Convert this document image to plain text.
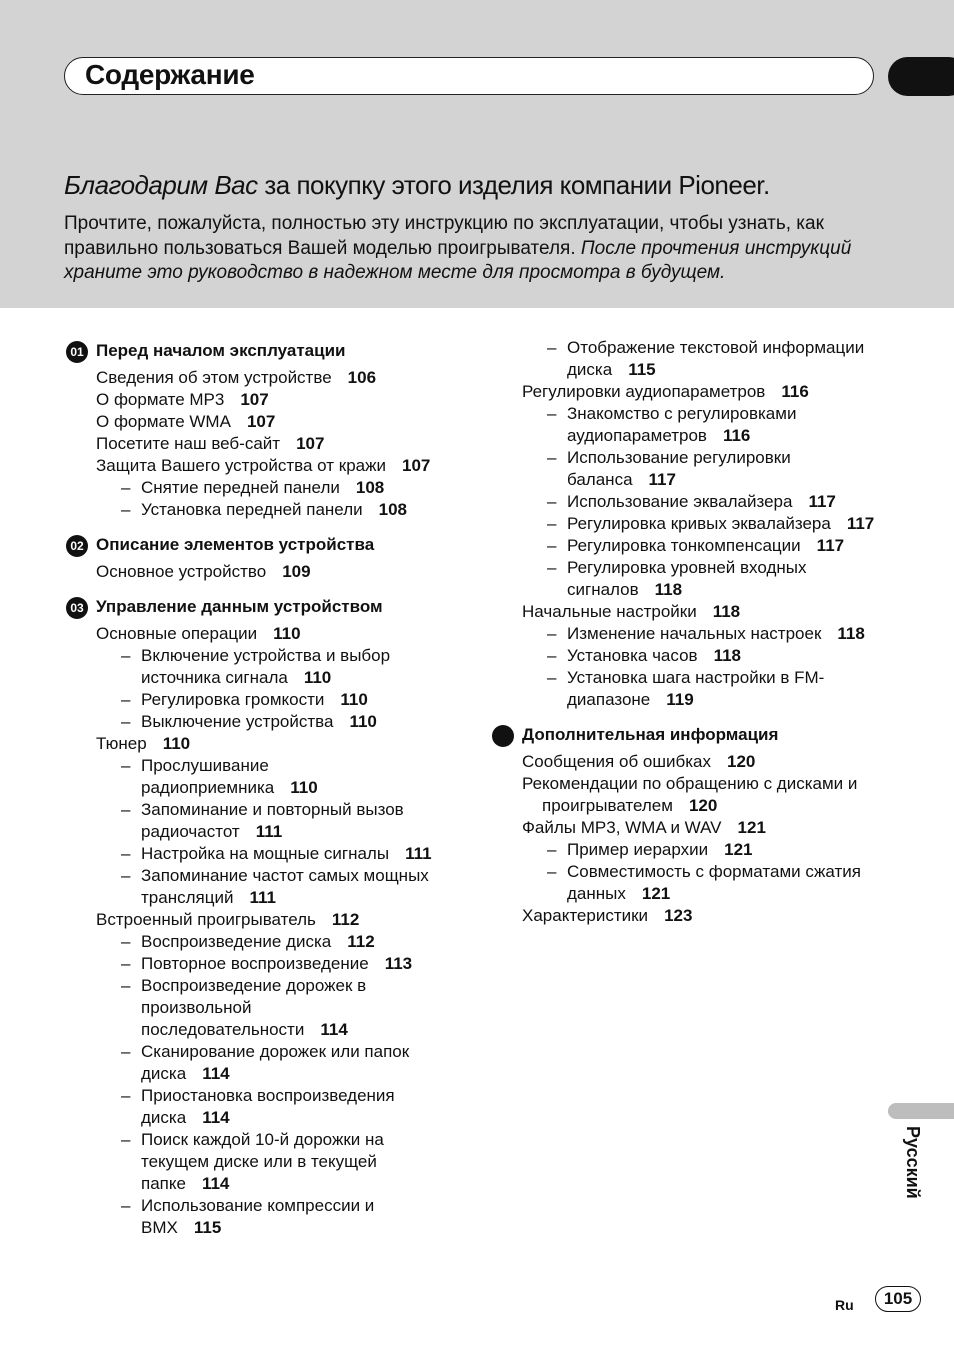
Содержание
Благодарим Вас за покупку этого изделия компании Pioneer.
Прочтите, пожалуйста, полностью эту инструкцию по эксплуатации, чтобы узнать, как правильно пользоваться Вашей моделью проигрывателя. После прочтения инструкций храните это руководство в надежном месте для просмотра в будущем.
01 Перед началом эксплуатации
Сведения об этом устройстве 106
О формате MP3 107
О формате WMA 107
Посетите наш веб-сайт 107
Защита Вашего устройства от кражи 107
– Снятие передней панели 108
– Установка передней панели 108
02 Описание элементов устройства
Основное устройство 109
03 Управление данным устройством
Основные операции 110
– Включение устройства и выбор источника сигнала 110
– Регулировка громкости 110
– Выключение устройства 110
Тюнер 110
– Прослушивание радиоприемника 110
– Запоминание и повторный вызов радиочастот 111
– Настройка на мощные сигналы 111
– Запоминание частот самых мощных трансляций 111
Встроенный проигрыватель 112
– Воспроизведение диска 112
– Повторное воспроизведение 113
– Воспроизведение дорожек в произвольной последовательности 114
– Сканирование дорожек или папок диска 114
– Приостановка воспроизведения диска 114
– Поиск каждой 10-й дорожки на текущем диске или в текущей папке 114
– Использование компрессии и BMX 115
– Отображение текстовой информации диска 115
Регулировки аудиопараметров 116
– Знакомство с регулировками аудиопараметров 116
– Использование регулировки баланса 117
– Использование эквалайзера 117
– Регулировка кривых эквалайзера 117
– Регулировка тонкомпенсации 117
– Регулировка уровней входных сигналов 118
Начальные настройки 118
– Изменение начальных настроек 118
– Установка часов 118
– Установка шага настройки в FM-диапазоне 119
Дополнительная информация
Сообщения об ошибках 120
Рекомендации по обращению с дисками и проигрывателем 120
Файлы MP3, WMA и WAV 121
– Пример иерархии 121
– Совместимость с форматами сжатия данных 121
Характеристики 123
Русский
Ru	105
